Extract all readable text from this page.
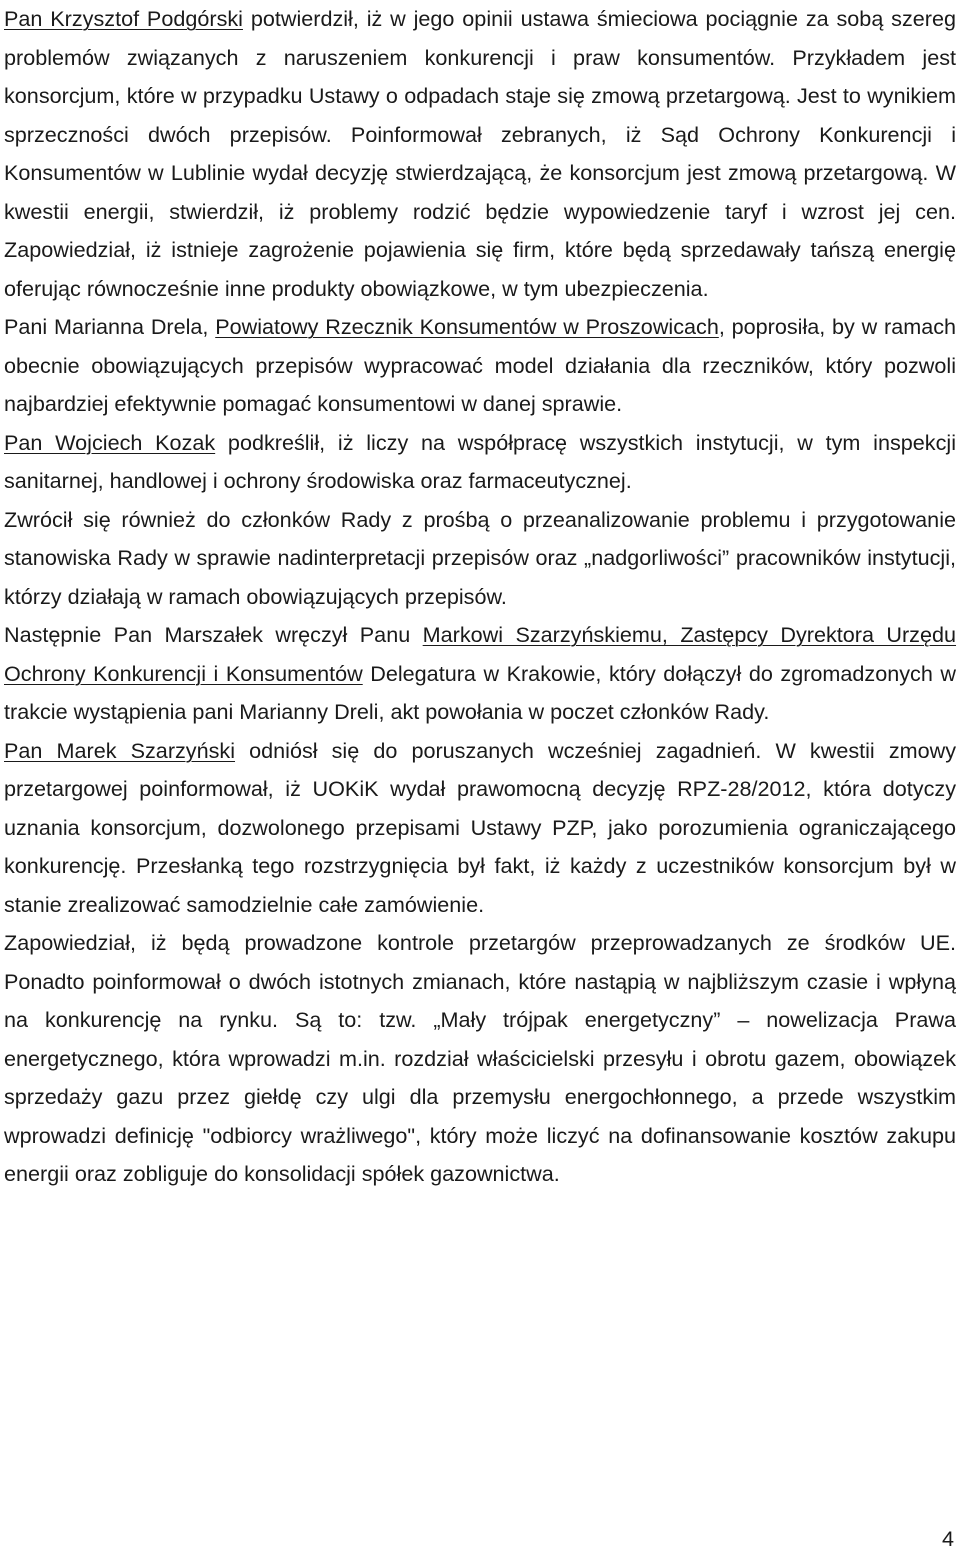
Pan Krzysztof Podgórski potwierdził, iż w jego opinii ustawa śmieciowa pociągnie za sobą szereg problemów związanych z naruszeniem konkurencji i praw konsumentów. Przykładem jest konsorcjum, które w przypadku Ustawy o odpadach staje się zmową przetargową. Jest to wynikiem sprzeczności dwóch przepisów. Poinformował zebranych, iż Sąd Ochrony Konkurencji i Konsumentów w Lublinie wydał decyzję stwierdzającą, że konsorcjum jest zmową przetargową. W kwestii energii, stwierdził, iż problemy rodzić będzie wypowiedzenie taryf i wzrost jej cen. Zapowiedział, iż istnieje zagrożenie pojawienia się firm, które będą sprzedawały tańszą energię oferując równocześnie inne produkty obowiązkowe, w tym ubezpieczenia.

Pani Marianna Drela, Powiatowy Rzecznik Konsumentów w Proszowicach, poprosiła, by w ramach obecnie obowiązujących przepisów wypracować model działania dla rzeczników, który pozwoli najbardziej efektywnie pomagać konsumentowi w danej sprawie.

Pan Wojciech Kozak podkreślił, iż liczy na współpracę wszystkich instytucji, w tym inspekcji sanitarnej, handlowej i ochrony środowiska oraz farmaceutycznej.

Zwrócił się również do członków Rady z prośbą o przeanalizowanie problemu i przygotowanie stanowiska Rady w sprawie nadinterpretacji przepisów oraz „nadgorliwości” pracowników instytucji, którzy działają w ramach obowiązujących przepisów.

Następnie Pan Marszałek wręczył Panu Markowi Szarzyńskiemu, Zastępcy Dyrektora Urzędu Ochrony Konkurencji i Konsumentów Delegatura w Krakowie, który dołączył do zgromadzonych w trakcie wystąpienia pani Marianny Dreli, akt powołania w poczet członków Rady.

Pan Marek Szarzyński odniósł się do poruszanych wcześniej zagadnień. W kwestii zmowy przetargowej poinformował, iż UOKiK wydał prawomocną decyzję RPZ-28/2012, która dotyczy uznania konsorcjum, dozwolonego przepisami Ustawy PZP, jako porozumienia ograniczającego konkurencję. Przesłanką tego rozstrzygnięcia był fakt, iż każdy z uczestników konsorcjum był w stanie zrealizować samodzielnie całe zamówienie.

Zapowiedział, iż będą prowadzone kontrole przetargów przeprowadzanych ze środków UE. Ponadto poinformował o dwóch istotnych zmianach, które nastąpią w najbliższym czasie i wpłyną na konkurencję na rynku. Są to: tzw. „Mały trójpak energetyczny” – nowelizacja Prawa energetycznego, która wprowadzi m.in. rozdział właścicielski przesyłu i obrotu gazem, obowiązek sprzedaży gazu przez giełdę czy ulgi dla przemysłu energochłonnego, a przede wszystkim wprowadzi definicję "odbiorcy wrażliwego", który może liczyć na dofinansowanie kosztów zakupu energii oraz zobliguje do konsolidacji spółek gazownictwa.

4
